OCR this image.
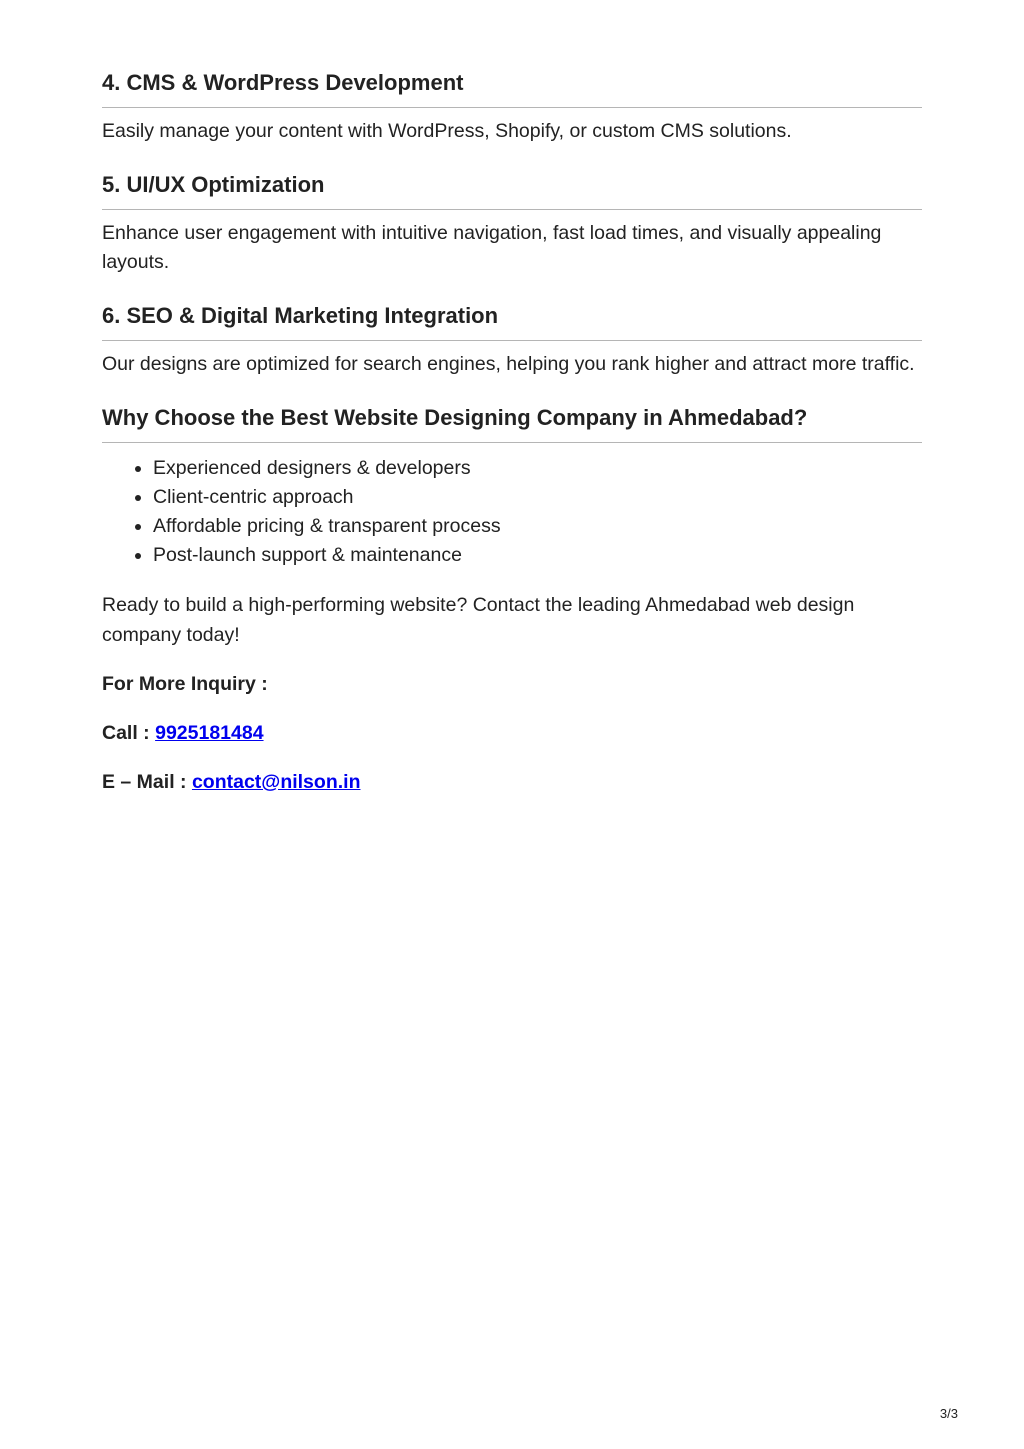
4. CMS & WordPress Development

Easily manage your content with WordPress, Shopify, or custom CMS solutions.

5. UI/UX Optimization

Enhance user engagement with intuitive navigation, fast load times, and visually appealing layouts.

6. SEO & Digital Marketing Integration

Our designs are optimized for search engines, helping you rank higher and attract more traffic.

Why Choose the Best Website Designing Company in Ahmedabad?
• Experienced designers & developers
• Client-centric approach
• Affordable pricing & transparent process
• Post-launch support & maintenance

Ready to build a high-performing website? Contact the leading Ahmedabad web design company today!

For More Inquiry :

Call : 9925181484

E – Mail : contact@nilson.in

3/3
